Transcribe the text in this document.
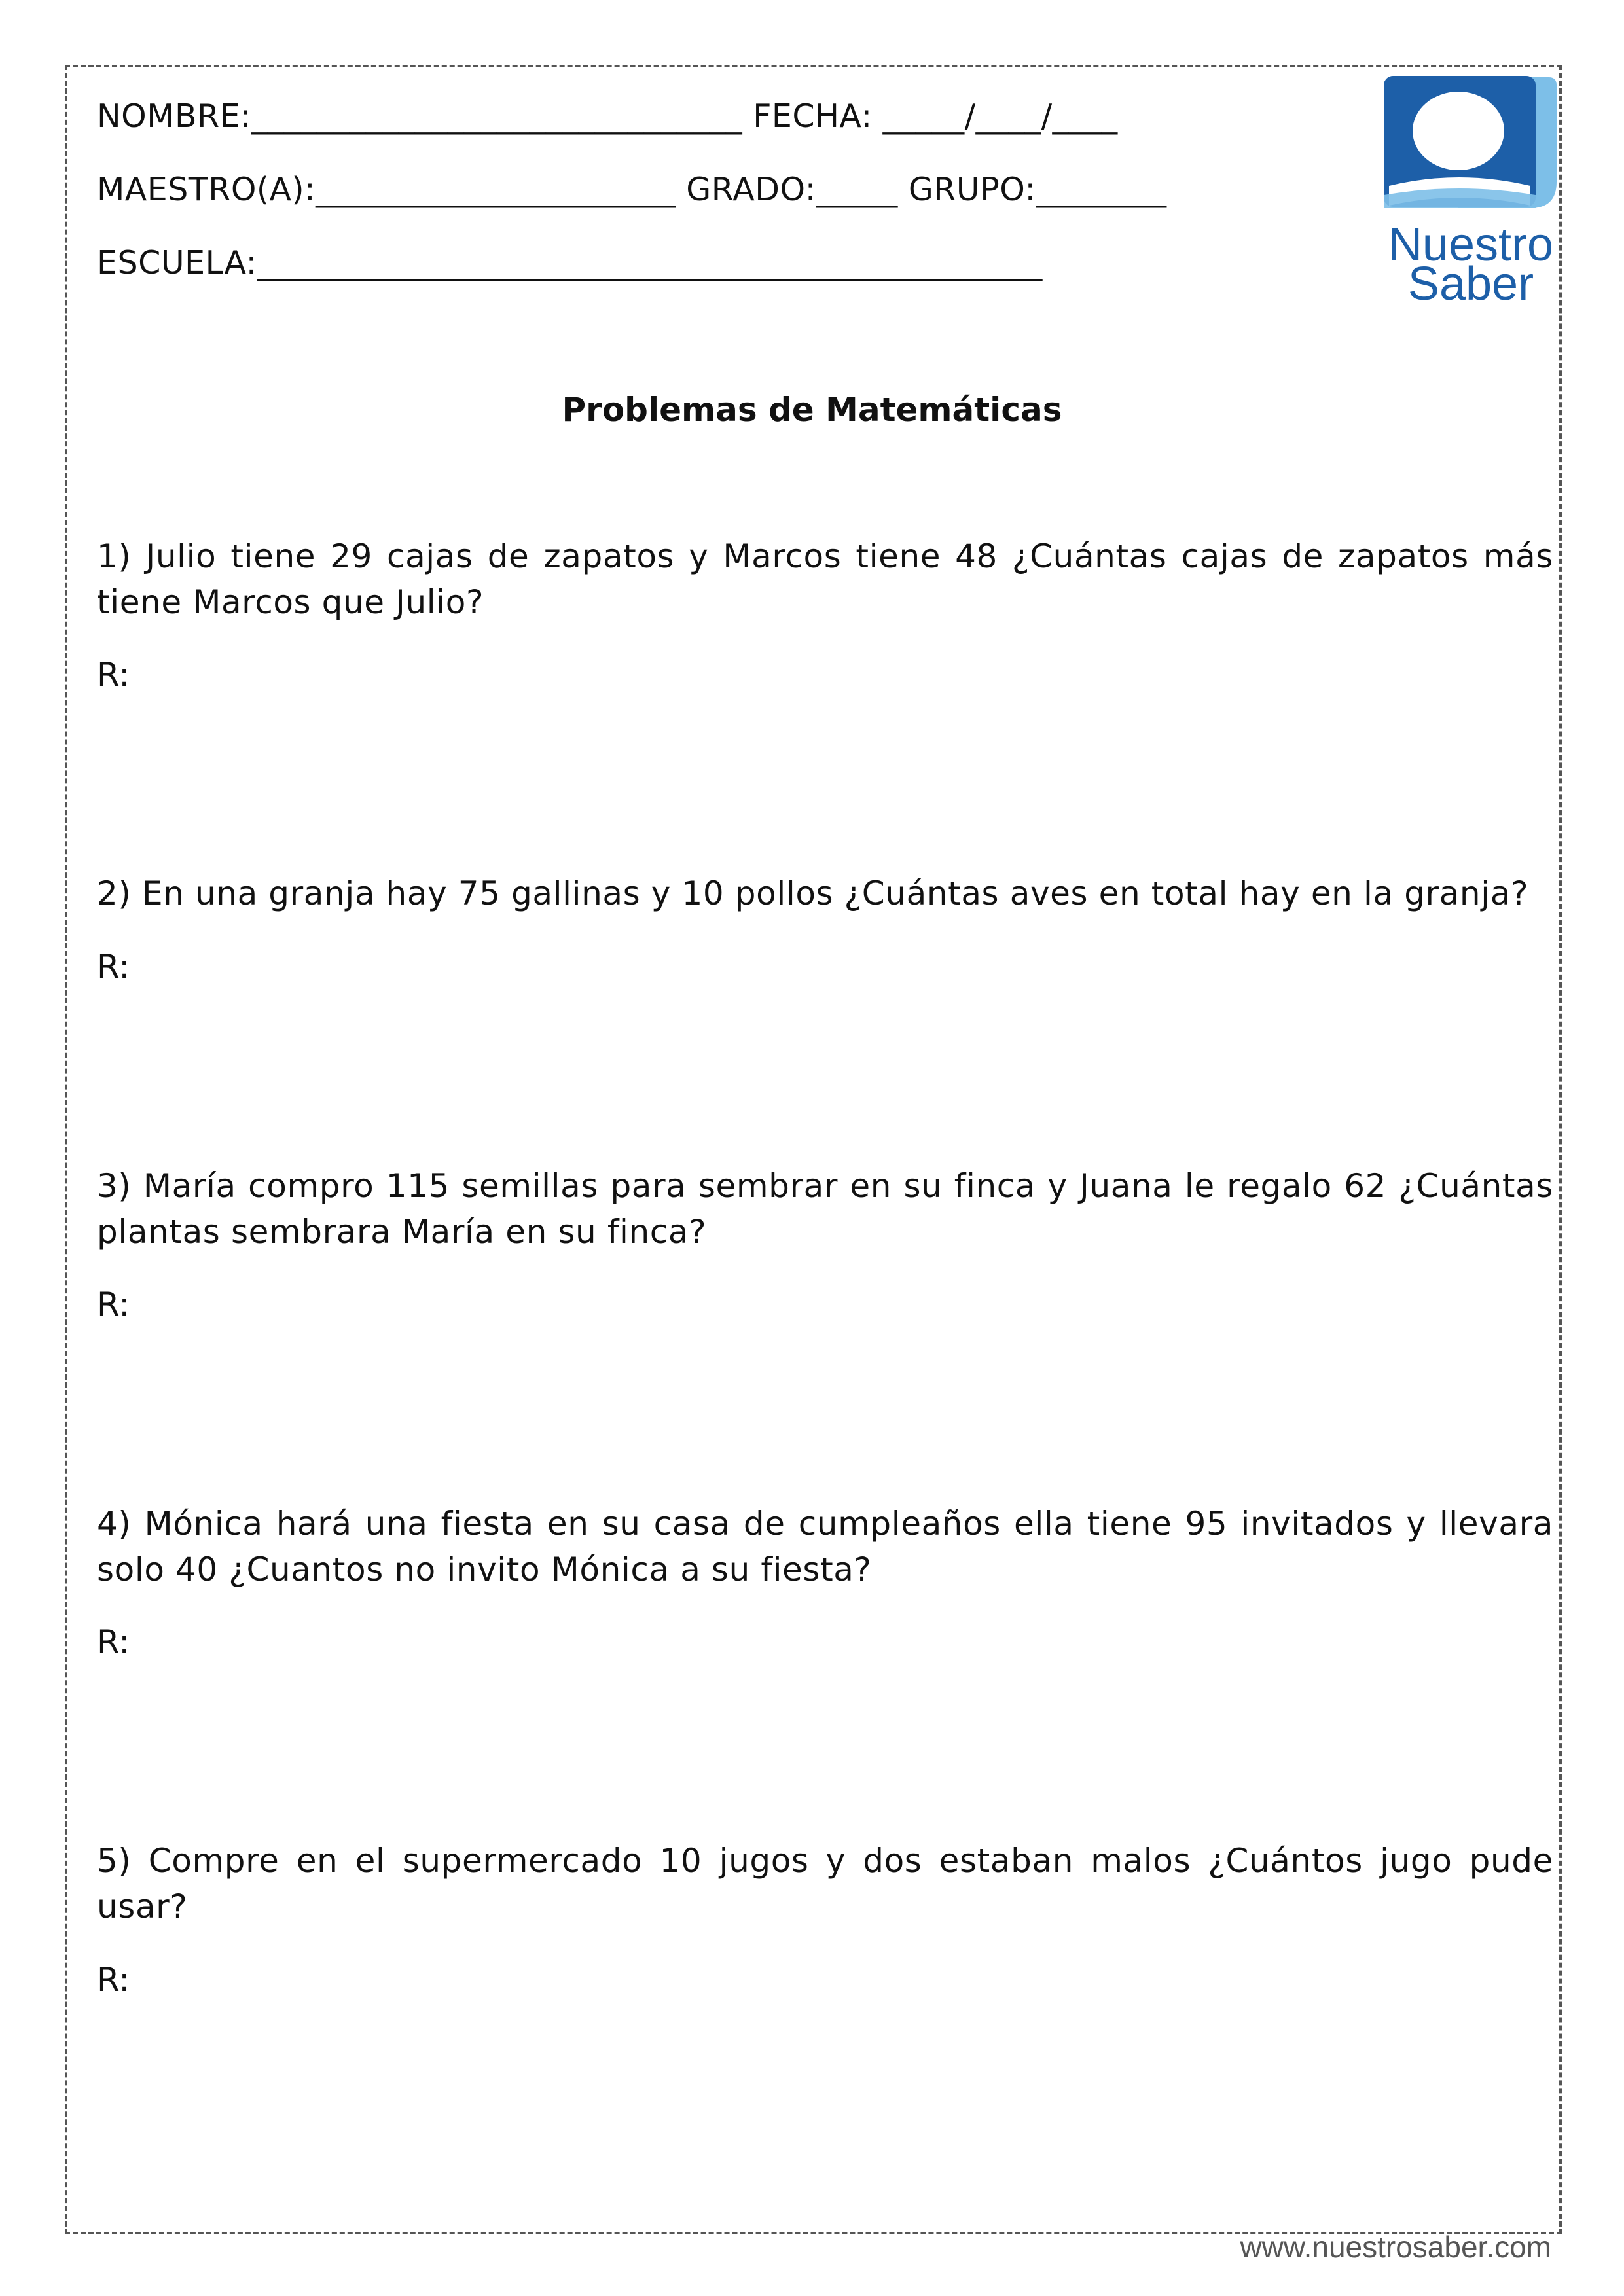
NOMBRE:______________________________ FECHA: _____/____/____
MAESTRO(A):______________________ GRADO:_____ GRUPO:________
ESCUELA:________________________________________________	Nuestro
Saber
Problemas de Matemáticas
1) Julio tiene 29 cajas de zapatos y Marcos tiene 48 ¿Cuántas cajas de zapatos más tiene Marcos que Julio?
R:
2) En una granja hay 75 gallinas y 10 pollos ¿Cuántas aves en total hay en la granja?
R:
3) María compro 115 semillas para sembrar en su finca y Juana le regalo 62 ¿Cuántas plantas sembrara María en su finca?
R:
4) Mónica hará una fiesta en su casa de cumpleaños ella tiene 95 invitados y llevara solo 40 ¿Cuantos no invito Mónica a su fiesta?
R:
5) Compre en el supermercado 10 jugos y dos estaban malos ¿Cuántos jugo pude usar?
R:
www.nuestrosaber.com
